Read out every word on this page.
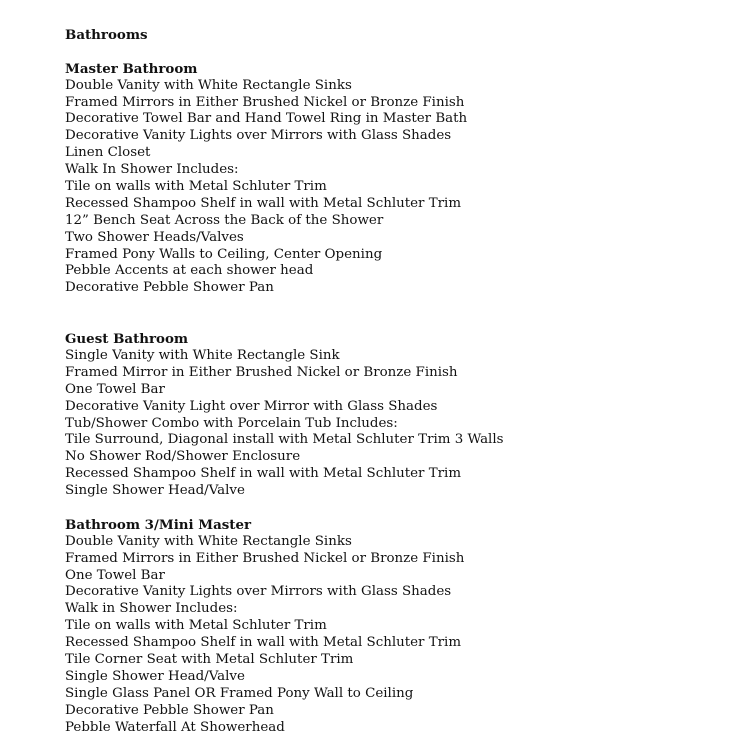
Bathrooms
Master Bathroom
Double Vanity with White Rectangle Sinks
Framed Mirrors in Either Brushed Nickel or Bronze Finish
Decorative Towel Bar and Hand Towel Ring in Master Bath
Decorative Vanity Lights over Mirrors with Glass Shades
Linen Closet
Walk In Shower Includes:
Tile on walls with Metal Schluter Trim
Recessed Shampoo Shelf in wall with Metal Schluter Trim
12” Bench Seat Across the Back of the Shower
Two Shower Heads/Valves
Framed Pony Walls to Ceiling, Center Opening
Pebble Accents at each shower head
Decorative Pebble Shower Pan
Guest Bathroom
Single Vanity with White Rectangle Sink
Framed Mirror in Either Brushed Nickel or Bronze Finish
One Towel Bar
Decorative Vanity Light over Mirror with Glass Shades
Tub/Shower Combo with Porcelain Tub Includes:
Tile Surround, Diagonal install with Metal Schluter Trim 3 Walls
No Shower Rod/Shower Enclosure
Recessed Shampoo Shelf in wall with Metal Schluter Trim
Single Shower Head/Valve
Bathroom 3/Mini Master
Double Vanity with White Rectangle Sinks
Framed Mirrors in Either Brushed Nickel or Bronze Finish
One Towel Bar
Decorative Vanity Lights over Mirrors with Glass Shades
Walk in Shower Includes:
Tile on walls with Metal Schluter Trim
Recessed Shampoo Shelf in wall with Metal Schluter Trim
Tile Corner Seat with Metal Schluter Trim
Single Shower Head/Valve
Single Glass Panel OR Framed Pony Wall to Ceiling
Decorative Pebble Shower Pan
Pebble Waterfall At Showerhead
